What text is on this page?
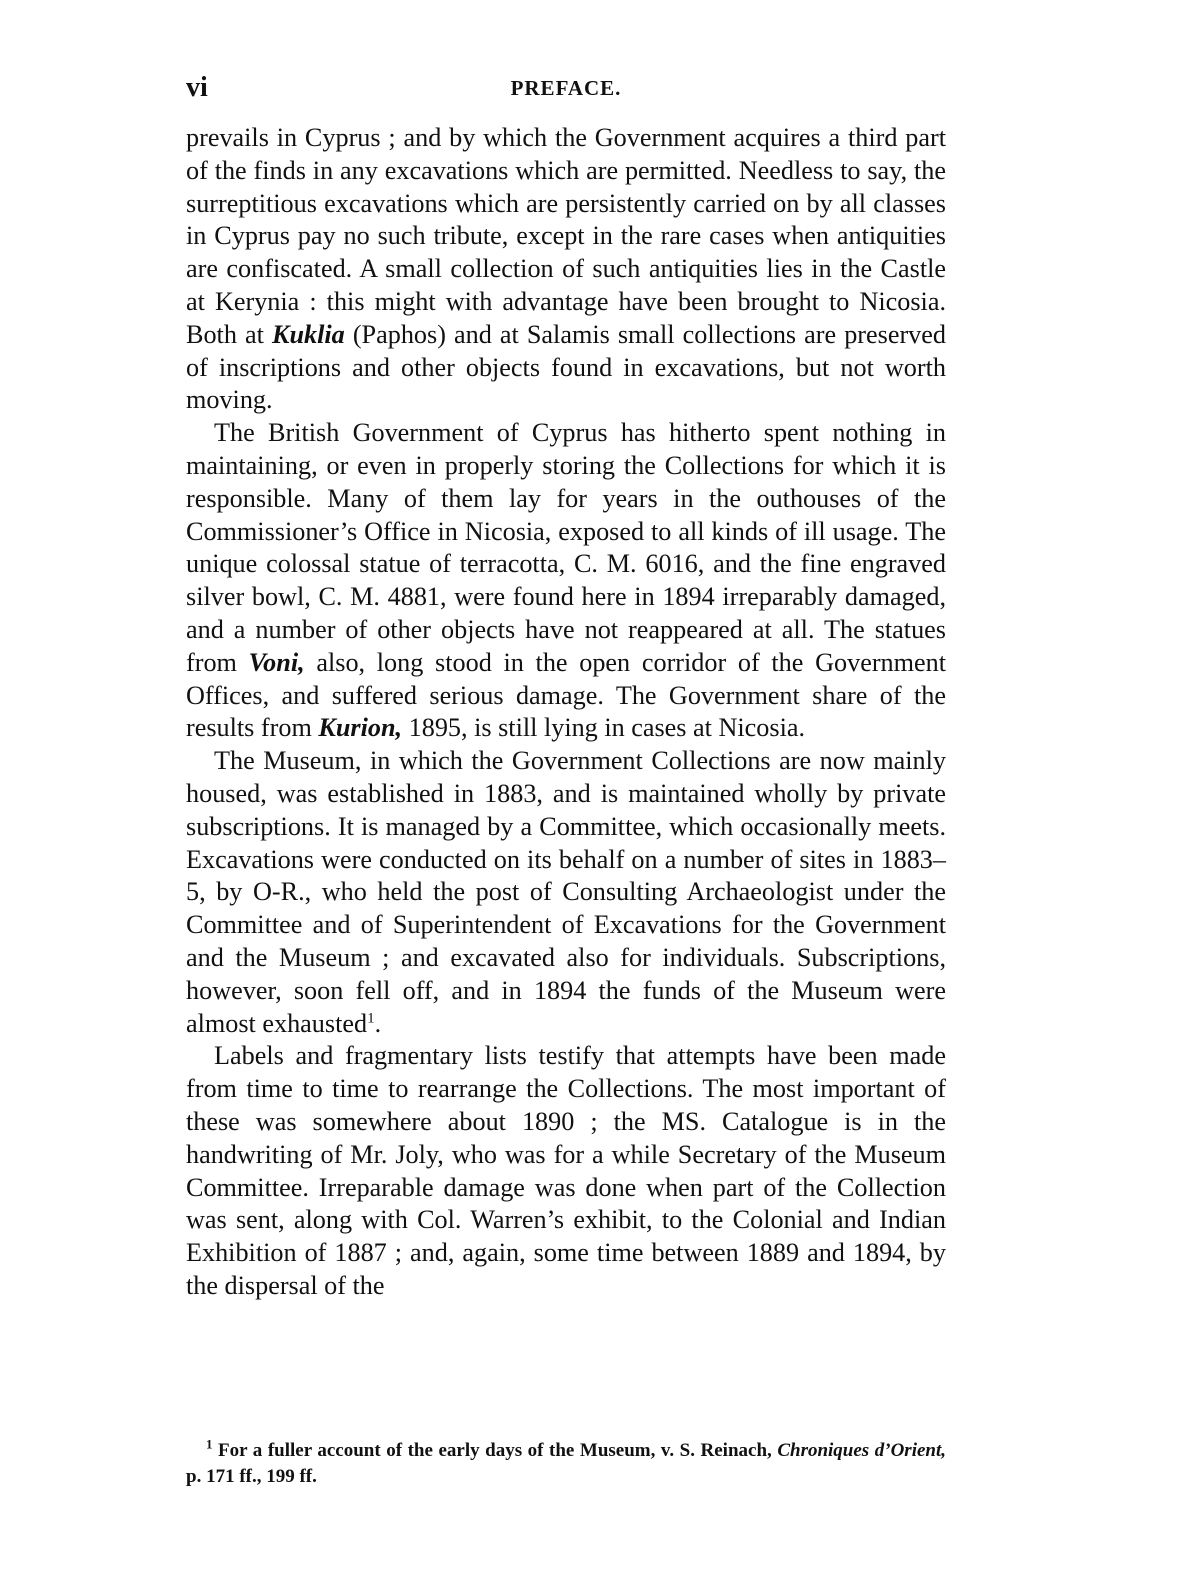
vi	PREFACE.

prevails in Cyprus ; and by which the Government acquires a third part of the finds in any excavations which are permitted. Needless to say, the surreptitious excavations which are persistently carried on by all classes in Cyprus pay no such tribute, except in the rare cases when antiquities are confiscated. A small collection of such antiquities lies in the Castle at Kerynia : this might with advantage have been brought to Nicosia. Both at Kuklia (Paphos) and at Salamis small collections are preserved of inscriptions and other objects found in excavations, but not worth moving.

The British Government of Cyprus has hitherto spent nothing in maintaining, or even in properly storing the Collections for which it is responsible. Many of them lay for years in the outhouses of the Commissioner’s Office in Nicosia, exposed to all kinds of ill usage. The unique colossal statue of terracotta, C. M. 6016, and the fine engraved silver bowl, C. M. 4881, were found here in 1894 irreparably damaged, and a number of other objects have not reappeared at all. The statues from Voni, also, long stood in the open corridor of the Government Offices, and suffered serious damage. The Government share of the results from Kurion, 1895, is still lying in cases at Nicosia.

The Museum, in which the Government Collections are now mainly housed, was established in 1883, and is maintained wholly by private subscriptions. It is managed by a Committee, which occasionally meets. Excavations were conducted on its behalf on a number of sites in 1883–5, by O-R., who held the post of Consulting Archaeologist under the Committee and of Superintendent of Excavations for the Government and the Museum ; and excavated also for individuals. Subscriptions, however, soon fell off, and in 1894 the funds of the Museum were almost exhausted$^1$.

Labels and fragmentary lists testify that attempts have been made from time to time to rearrange the Collections. The most important of these was somewhere about 1890 ; the MS. Catalogue is in the handwriting of Mr. Joly, who was for a while Secretary of the Museum Committee. Irreparable damage was done when part of the Collection was sent, along with Col. Warren’s exhibit, to the Colonial and Indian Exhibition of 1887 ; and, again, some time between 1889 and 1894, by the dispersal of the

$^1$ For a fuller account of the early days of the Museum, v. S. Reinach, Chroniques d’Orient, p. 171 ff., 199 ff.
